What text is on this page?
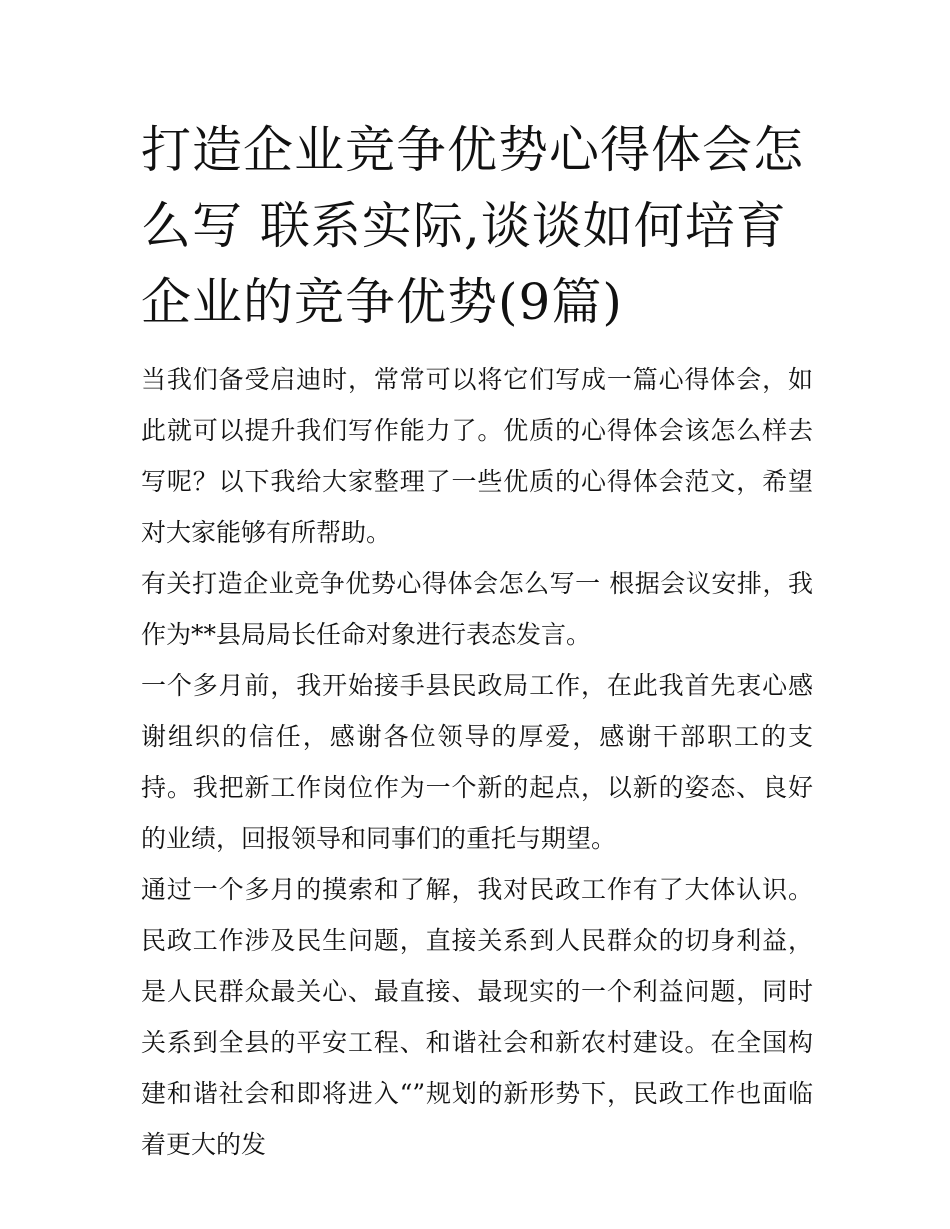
打造企业竞争优势心得体会怎么写 联系实际,谈谈如何培育企业的竞争优势(9篇)

当我们备受启迪时，常常可以将它们写成一篇心得体会，如此就可以提升我们写作能力了。优质的心得体会该怎么样去写呢？以下我给大家整理了一些优质的心得体会范文，希望对大家能够有所帮助。

有关打造企业竞争优势心得体会怎么写一 根据会议安排，我作为**县局局长任命对象进行表态发言。

一个多月前，我开始接手县民政局工作，在此我首先衷心感谢组织的信任，感谢各位领导的厚爱，感谢干部职工的支持。我把新工作岗位作为一个新的起点，以新的姿态、良好的业绩，回报领导和同事们的重托与期望。

通过一个多月的摸索和了解，我对民政工作有了大体认识。民政工作涉及民生问题，直接关系到人民群众的切身利益，是人民群众最关心、最直接、最现实的一个利益问题，同时关系到全县的平安工程、和谐社会和新农村建设。在全国构建和谐社会和即将进入“”规划的新形势下，民政工作也面临着更大的发
